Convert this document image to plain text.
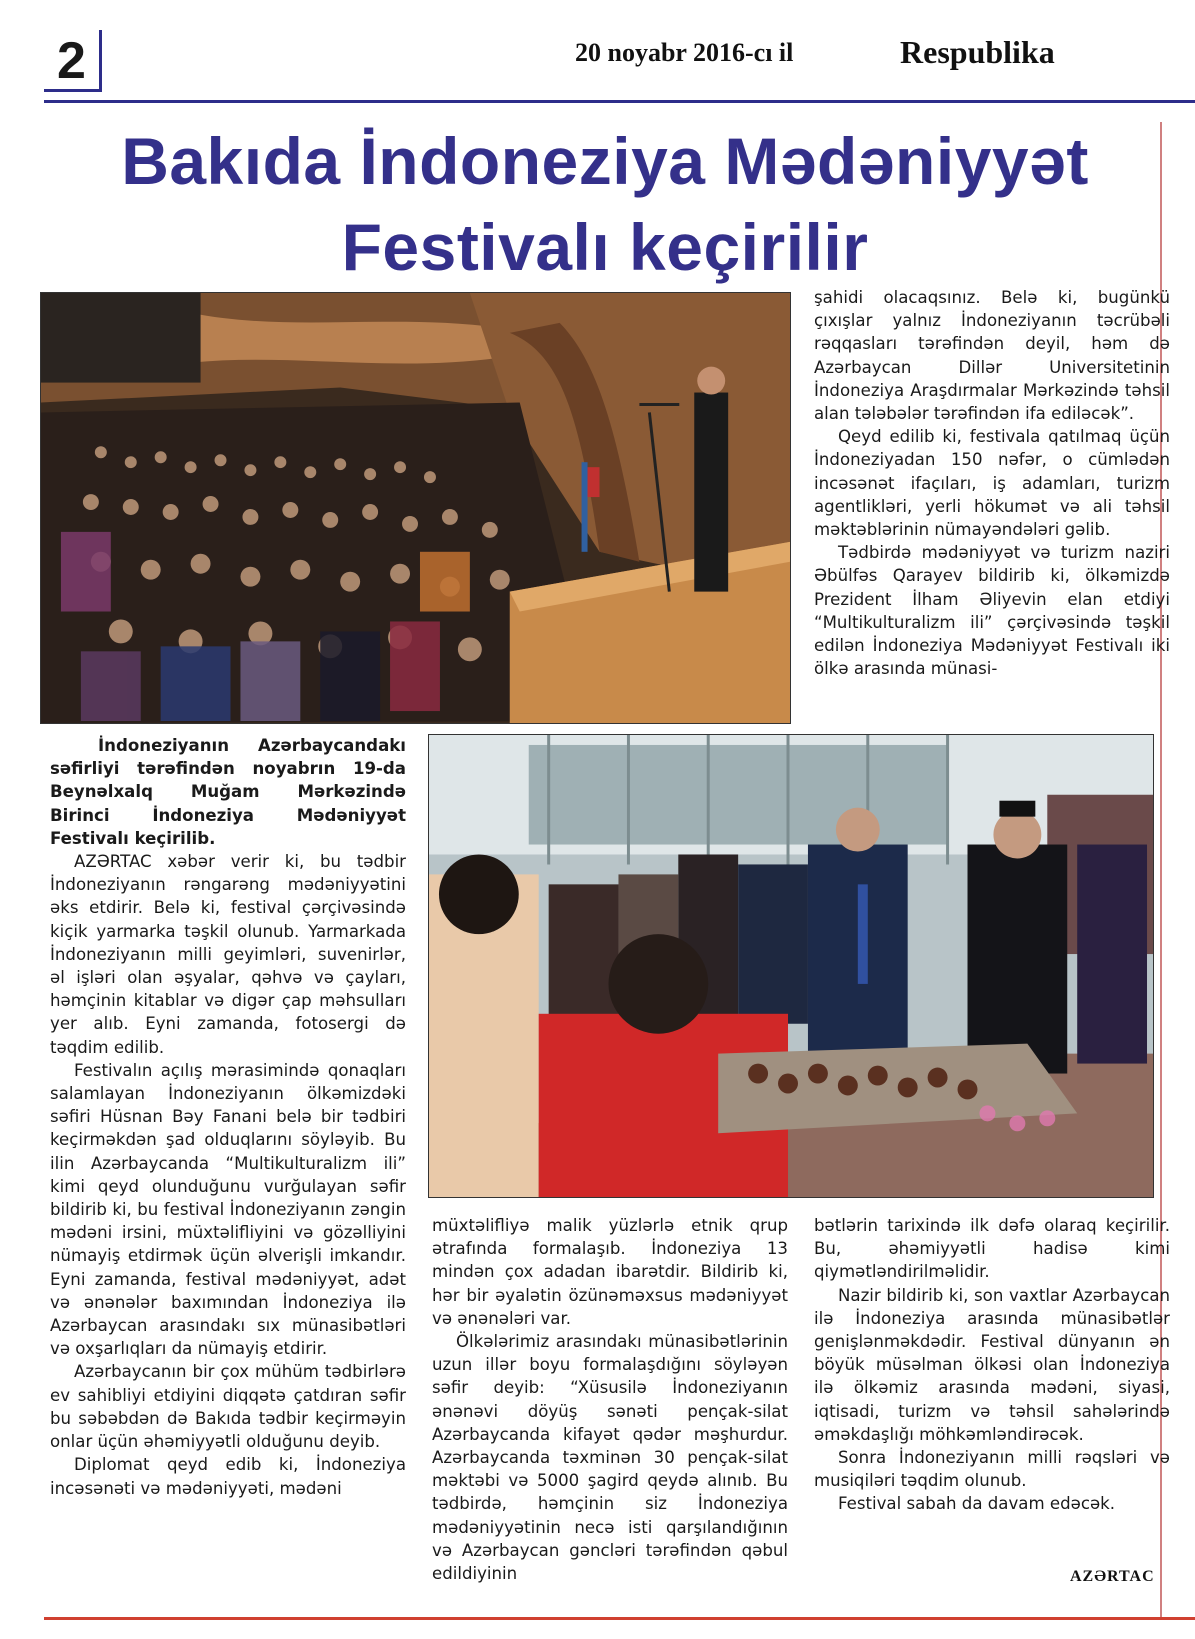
2	20 noyabr 2016-cı il	Respublika
Bakıda İndoneziya Mədəniyyət
Festivalı keçirilir

İndoneziyanın Azərbaycandakı səfirliyi tərəfindən noyabrın 19-da Beynəlxalq Muğam Mərkəzində Birinci İndoneziya Mədəniyyət Festivalı keçirilib.

AZƏRTAC xəbər verir ki, bu tədbir İndoneziyanın rəngarəng mədəniyyətini əks etdirir. Belə ki, festival çərçivəsində kiçik yarmarka təşkil olunub. Yarmarkada İndoneziyanın milli geyimləri, suvenirlər, əl işləri olan əşyalar, qəhvə və çayları, həmçinin kitablar və digər çap məhsulları yer alıb. Eyni zamanda, fotosergi də təqdim edilib.

Festivalın açılış mərasimində qonaqları salamlayan İndoneziyanın ölkəmizdəki səfiri Hüsnan Bəy Fanani belə bir tədbiri keçirməkdən şad olduqlarını söyləyib. Bu ilin Azərbaycanda “Multikulturalizm ili” kimi qeyd olunduğunu vurğulayan səfir bildirib ki, bu festival İndoneziyanın zəngin mədəni irsini, müxtəlifliyini və gözəlliyini nümayiş etdirmək üçün əlverişli imkandır. Eyni zamanda, festival mədəniyyət, adət və ənənələr baxımından İndoneziya ilə Azərbaycan arasındakı sıx münasibətləri və oxşarlıqları da nümayiş etdirir.

Azərbaycanın bir çox mühüm tədbirlərə ev sahibliyi etdiyini diqqətə çatdıran səfir bu səbəbdən də Bakıda tədbir keçirməyin onlar üçün əhəmiyyətli olduğunu deyib.

Diplomat qeyd edib ki, İndoneziya incəsənəti və mədəniyyəti, mədəni

müxtəlifliyə malik yüzlərlə etnik qrup ətrafında formalaşıb. İndoneziya 13 mindən çox adadan ibarətdir. Bildirib ki, hər bir əyalətin özünəməxsus mədəniyyət və ənənələri var.

Ölkələrimiz arasındakı münasibətlərinin uzun illər boyu formalaşdığını söyləyən səfir deyib: “Xüsusilə İndoneziyanın ənənəvi döyüş sənəti pençak-silat Azərbaycanda kifayət qədər məşhurdur. Azərbaycanda təxminən 30 pençak-silat məktəbi və 5000 şagird qeydə alınıb. Bu tədbirdə, həmçinin siz İndoneziya mədəniyyətinin necə isti qarşılandığının və Azərbaycan gəncləri tərəfindən qəbul edildiyinin

şahidi olacaqsınız. Belə ki, bugünkü çıxışlar yalnız İndoneziyanın təcrübəli rəqqasları tərəfindən deyil, həm də Azərbaycan Dillər Universitetinin İndoneziya Araşdırmalar Mərkəzində təhsil alan tələbələr tərəfindən ifa ediləcək”.

Qeyd edilib ki, festivala qatılmaq üçün İndoneziyadan 150 nəfər, o cümlədən incəsənət ifaçıları, iş adamları, turizm agentlikləri, yerli hökumət və ali təhsil məktəblərinin nümayəndələri gəlib.

Tədbirdə mədəniyyət və turizm naziri Əbülfəs Qarayev bildirib ki, ölkəmizdə Prezident İlham Əliyevin elan etdiyi “Multikulturalizm ili” çərçivəsində təşkil edilən İndoneziya Mədəniyyət Festivalı iki ölkə arasında münasi-

bətlərin tarixində ilk dəfə olaraq keçirilir. Bu, əhəmiyyətli hadisə kimi qiymətləndirilməlidir.

Nazir bildirib ki, son vaxtlar Azərbaycan ilə İndoneziya arasında münasibətlər genişlənməkdədir. Festival dünyanın ən böyük müsəlman ölkəsi olan İndoneziya ilə ölkəmiz arasında mədəni, siyasi, iqtisadi, turizm və təhsil sahələrində əməkdaşlığı möhkəmləndirəcək.

Sonra İndoneziyanın milli rəqsləri və musiqiləri təqdim olunub.

Festival sabah da davam edəcək.

AZƏRTAC
